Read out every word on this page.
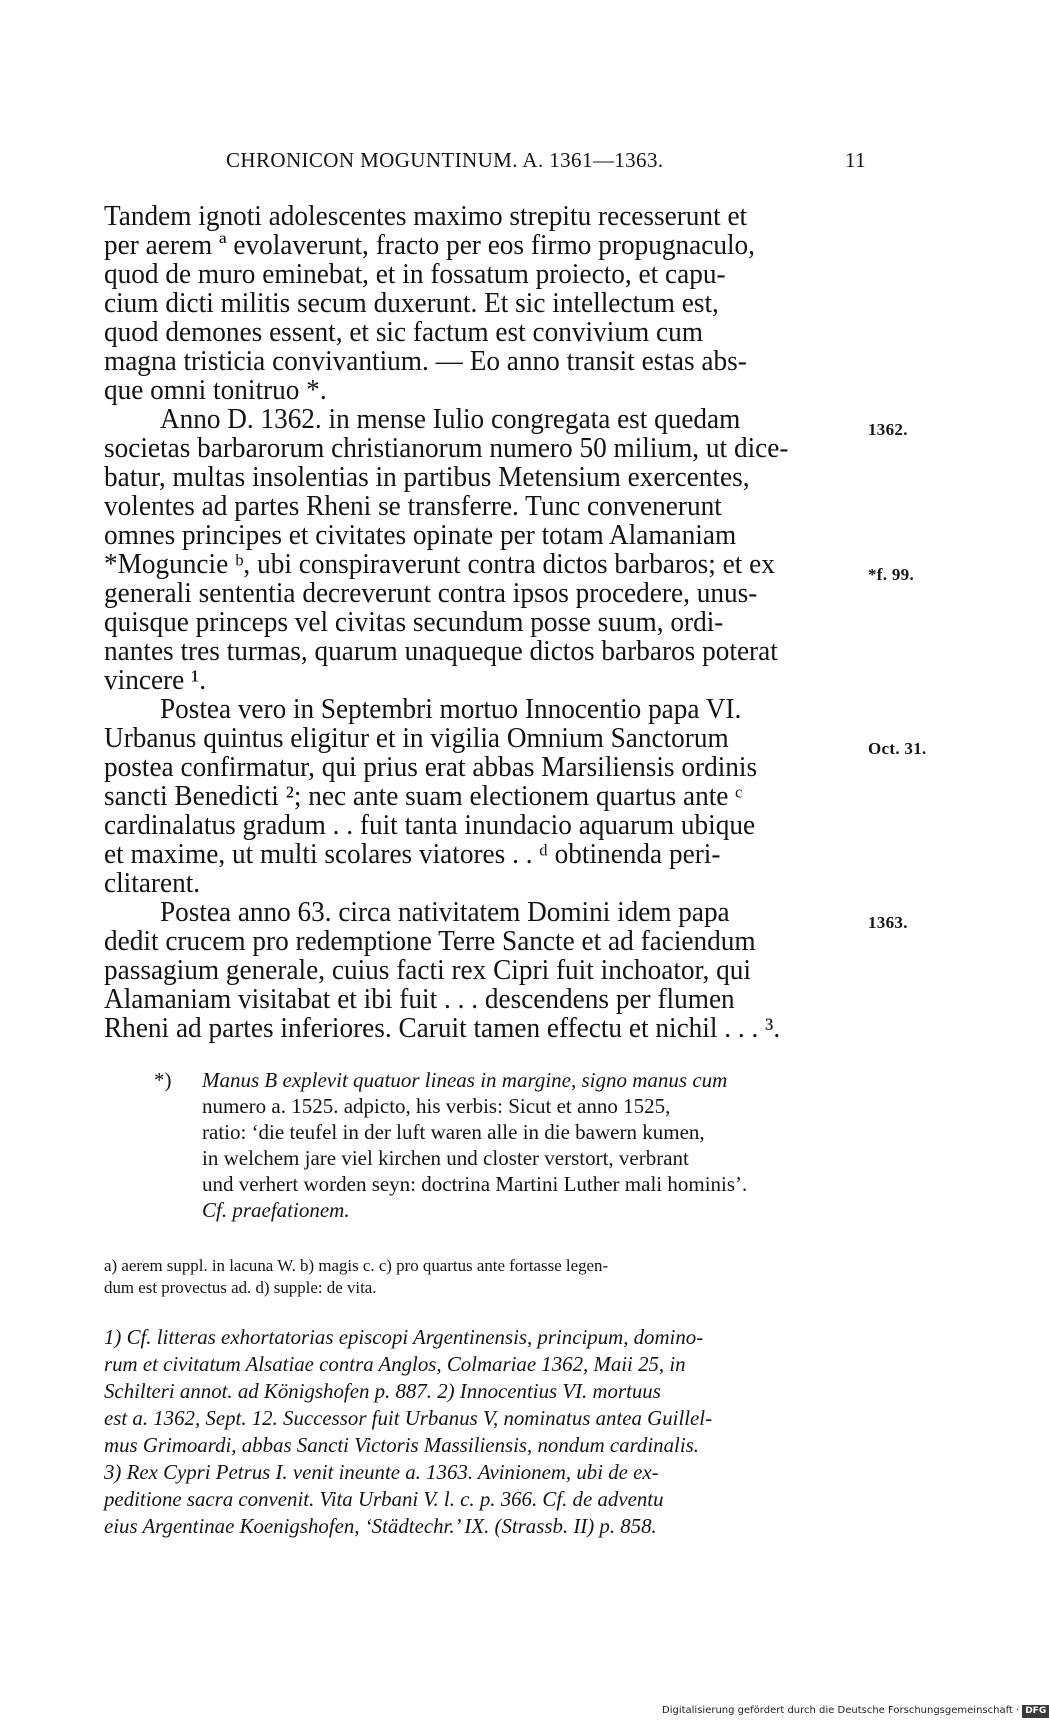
CHRONICON MOGUNTINUM. A. 1361—1363.	11
Tandem ignoti adolescentes maximo strepitu recesserunt et
per aerem ª evolaverunt, fracto per eos firmo propugnaculo,
quod de muro eminebat, et in fossatum proiecto, et capu-
cium dicti militis secum duxerunt. Et sic intellectum est,
quod demones essent, et sic factum est convivium cum
magna tristicia convivantium. — Eo anno transit estas abs-
que omni tonitruo *.
Anno D. 1362. in mense Iulio congregata est quedam
societas barbarorum christianorum numero 50 milium, ut dice-
batur, multas insolentias in partibus Metensium exercentes,
volentes ad partes Rheni se transferre. Tunc convenerunt
omnes principes et civitates opinate per totam Alamaniam
*Moguncie ᵇ, ubi conspiraverunt contra dictos barbaros; et ex
generali sententia decreverunt contra ipsos procedere, unus-
quisque princeps vel civitas secundum posse suum, ordi-
nantes tres turmas, quarum unaqueque dictos barbaros poterat
vincere ¹.
Postea vero in Septembri mortuo Innocentio papa VI.
Urbanus quintus eligitur et in vigilia Omnium Sanctorum
postea confirmatur, qui prius erat abbas Marsiliensis ordinis
sancti Benedicti ²; nec ante suam electionem quartus ante ᶜ
cardinalatus gradum . . fuit tanta inundacio aquarum ubique
et maxime, ut multi scolares viatores . . ᵈ obtinenda peri-
clitarent.
Postea anno 63. circa nativitatem Domini idem papa
dedit crucem pro redemptione Terre Sancte et ad faciendum
passagium generale, cuius facti rex Cipri fuit inchoator, qui
Alamaniam visitabat et ibi fuit . . . descendens per flumen
Rheni ad partes inferiores. Caruit tamen effectu et nichil . . . ³.
1362.
*f. 99.
Oct. 31.
1363.
*) Manus B explevit quatuor lineas in margine, signo manus cum
numero a. 1525. adpicto, his verbis: Sicut et anno 1525,
ratio: ‘die teufel in der luft waren alle in die bawern kumen,
in welchem jare viel kirchen und closter verstort, verbrant
und verhert worden seyn: doctrina Martini Luther mali hominis’.
Cf. praefationem.
a) aerem suppl. in lacuna W. b) magis c. c) pro quartus ante fortasse legen-
dum est provectus ad. d) supple: de vita.
1) Cf. litteras exhortatorias episcopi Argentinensis, principum, domino-
rum et civitatum Alsatiae contra Anglos, Colmariae 1362, Maii 25, in
Schilteri annot. ad Königshofen p. 887. 2) Innocentius VI. mortuus
est a. 1362, Sept. 12. Successor fuit Urbanus V, nominatus antea Guillel-
mus Grimoardi, abbas Sancti Victoris Massiliensis, nondum cardinalis.
3) Rex Cypri Petrus I. venit ineunte a. 1363. Avinionem, ubi de ex-
peditione sacra convenit. Vita Urbani V. l. c. p. 366. Cf. de adventu
eius Argentinae Koenigshofen, ‘Städtechr.’ IX. (Strassb. II) p. 858.
Digitalisierung gefördert durch die Deutsche Forschungsgemeinschaft · DFG
